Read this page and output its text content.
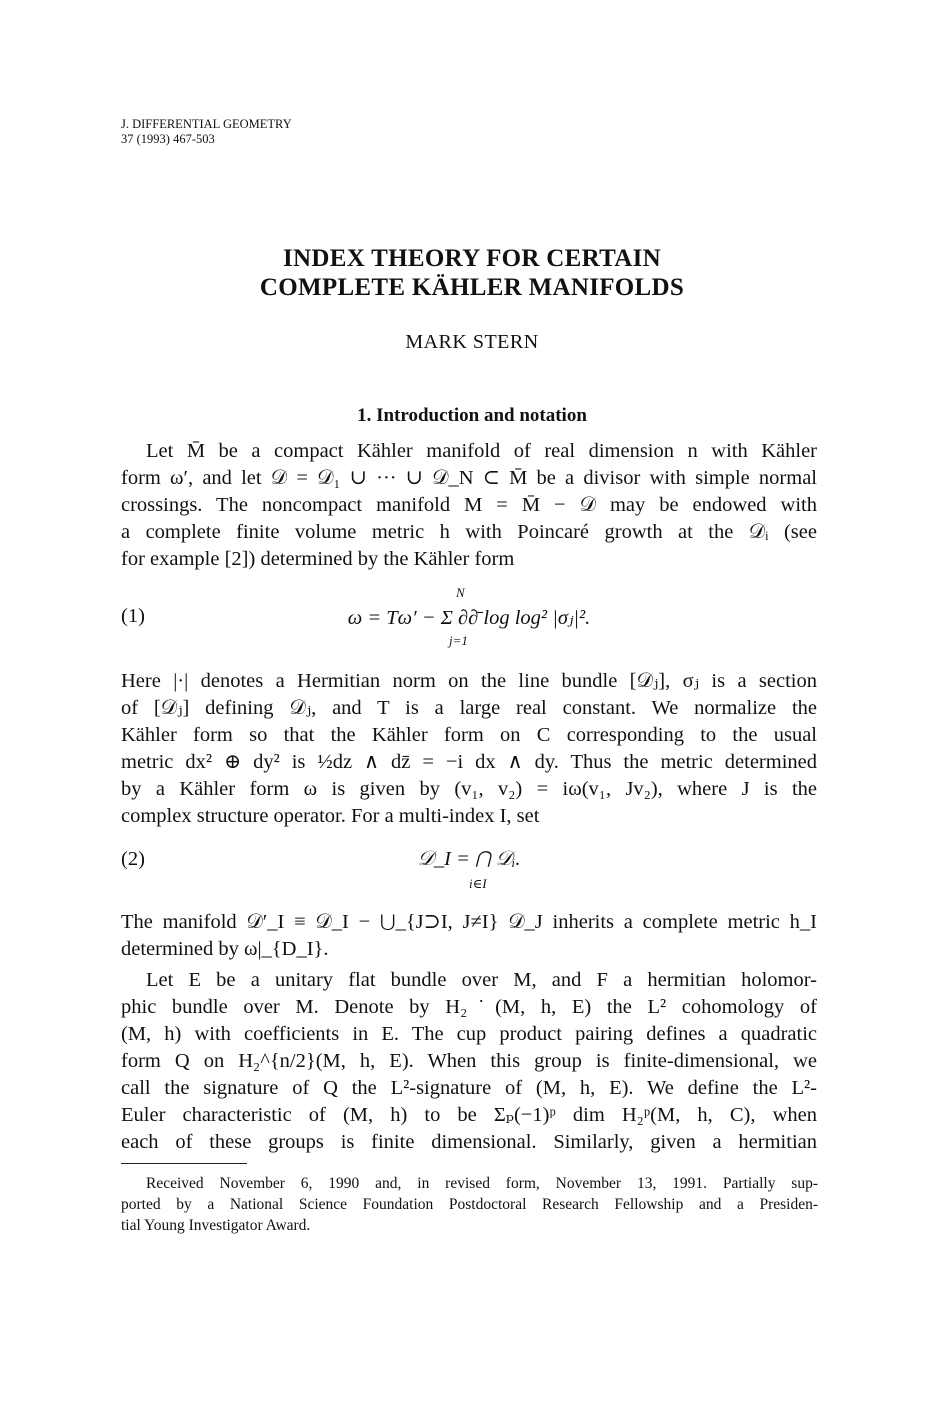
J. DIFFERENTIAL GEOMETRY
37 (1993) 467-503
INDEX THEORY FOR CERTAIN
COMPLETE KÄHLER MANIFOLDS
MARK STERN
1. Introduction and notation
Let M̄ be a compact Kähler manifold of real dimension n with Kähler
form ω′, and let 𝒟 = 𝒟₁ ∪ ··· ∪ 𝒟_N ⊂ M̄ be a divisor with simple normal
crossings. The noncompact manifold M = M̄ − 𝒟 may be endowed with
a complete finite volume metric h with Poincaré growth at the 𝒟ᵢ (see
for example [2]) determined by the Kähler form
(1)	ω = Tω′ − Σ ∂∂̄ log log² |σⱼ|².
N
j=1
Here |·| denotes a Hermitian norm on the line bundle [𝒟ⱼ], σⱼ is a section
of [𝒟ⱼ] defining 𝒟ⱼ, and T is a large real constant. We normalize the
Kähler form so that the Kähler form on C corresponding to the usual
metric dx² ⊕ dy² is ½dz ∧ dz̄ = −i dx ∧ dy. Thus the metric determined
by a Kähler form ω is given by (v₁, v₂) = iω(v₁, Jv₂), where J is the
complex structure operator. For a multi-index I, set
(2)	𝒟_I = ⋂ 𝒟ᵢ.
i∈I
The manifold 𝒟′_I ≡ 𝒟_I − ⋃_{J⊃I, J≠I} 𝒟_J inherits a complete metric h_I
determined by ω|_{D_I}.
Let E be a unitary flat bundle over M, and F a hermitian holomor-
phic bundle over M. Denote by H₂˙(M, h, E) the L² cohomology of
(M, h) with coefficients in E. The cup product pairing defines a quadratic
form Q on H₂^{n/2}(M, h, E). When this group is finite-dimensional, we
call the signature of Q the L²-signature of (M, h, E). We define the L²-
Euler characteristic of (M, h) to be Σₚ(−1)ᵖ dim H₂ᵖ(M, h, C), when
each of these groups is finite dimensional. Similarly, given a hermitian
Received November 6, 1990 and, in revised form, November 13, 1991. Partially sup-
ported by a National Science Foundation Postdoctoral Research Fellowship and a Presiden-
tial Young Investigator Award.
